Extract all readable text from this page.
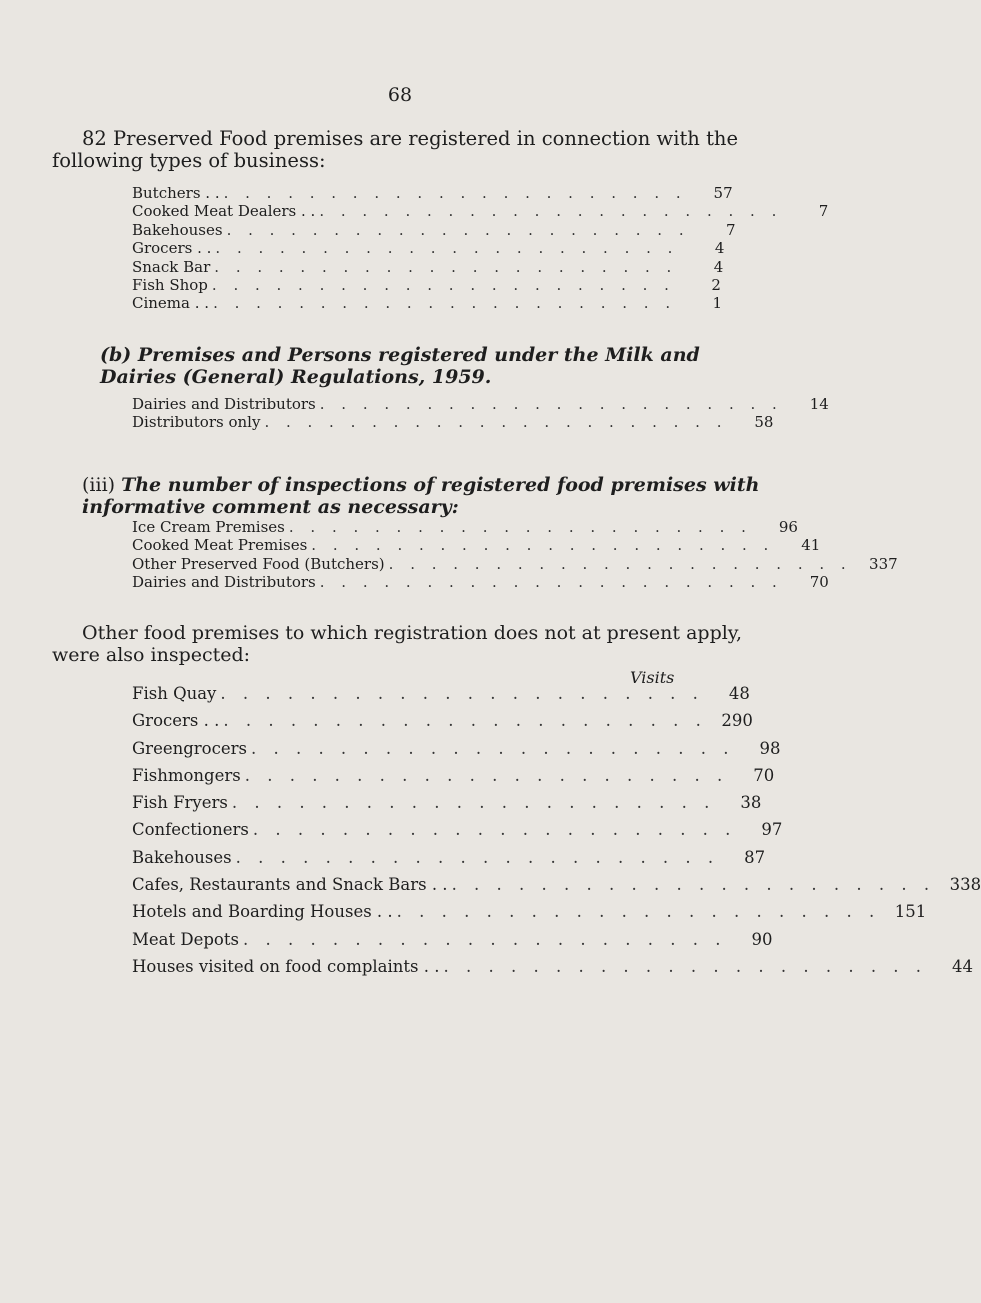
68
82 Preserved Food premises are registered in connection with the following types of business:
Butchers . . . . . . . . . . . . . . . . . . . . . . . .	57
Cooked Meat Dealers . . . . . . . . . . . . . . . . . . . . . . . .	7
Bakehouses . . . . . . . . . . . . . . . . . . . . . .	7
Grocers . . . . . . . . . . . . . . . . . . . . . . . .	4
Snack Bar . . . . . . . . . . . . . . . . . . . . . .	4
Fish Shop . . . . . . . . . . . . . . . . . . . . . .	2
Cinema . . . . . . . . . . . . . . . . . . . . . . . .	1
(b) Premises and Persons registered under the Milk and Dairies (General) Regulations, 1959.
Dairies and Distributors . . . . . . . . . . . . . . . . . . . . . .	14
Distributors only . . . . . . . . . . . . . . . . . . . . . .	58
(iii) The number of inspections of registered food premises with informative comment as necessary:
Ice Cream Premises . . . . . . . . . . . . . . . . . . . . . .	96
Cooked Meat Premises . . . . . . . . . . . . . . . . . . . . . .	41
Other Preserved Food (Butchers) . . . . . . . . . . . . . . . . . . . . . .	337
Dairies and Distributors . . . . . . . . . . . . . . . . . . . . . .	70
Other food premises to which registration does not at present apply, were also inspected:
Visits
Fish Quay . . . . . . . . . . . . . . . . . . . . . .	48
Grocers . . . . . . . . . . . . . . . . . . . . . . . . 290
Greengrocers . . . . . . . . . . . . . . . . . . . . . .	98
Fishmongers . . . . . . . . . . . . . . . . . . . . . .	70
Fish Fryers . . . . . . . . . . . . . . . . . . . . . .	38
Confectioners . . . . . . . . . . . . . . . . . . . . . .	97
Bakehouses . . . . . . . . . . . . . . . . . . . . . .	87
Cafes, Restaurants and Snack Bars . . . . . . . . . . . . . . . . . . . . . . . . 338
Hotels and Boarding Houses . . . . . . . . . . . . . . . . . . . . . . . . 151
Meat Depots . . . . . . . . . . . . . . . . . . . . . .	90
Houses visited on food complaints . . . . . . . . . . . . . . . . . . . . . . . .	44
